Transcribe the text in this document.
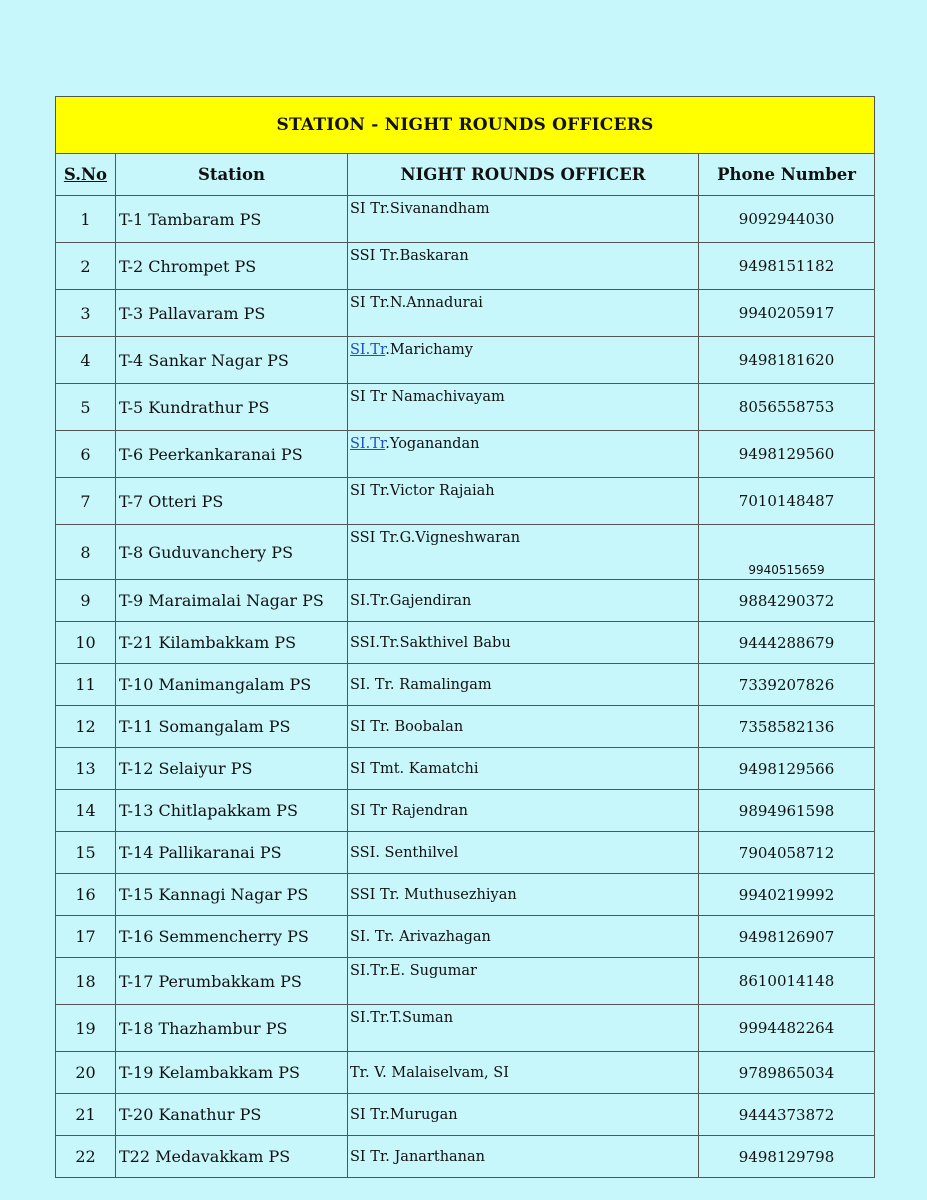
STATION - NIGHT ROUNDS OFFICERS			
S.No	Station	NIGHT ROUNDS OFFICER	Phone Number
1	T-1 Tambaram PS	SI Tr.Sivanandham	9092944030
2	T-2 Chrompet PS	SSI Tr.Baskaran	9498151182
3	T-3 Pallavaram PS	SI Tr.N.Annadurai	9940205917
4	T-4 Sankar Nagar PS	SI.Tr.Marichamy	9498181620
5	T-5 Kundrathur PS	SI Tr Namachivayam	8056558753
6	T-6 Peerkankaranai PS	SI.Tr.Yoganandan	9498129560
7	T-7 Otteri PS	SI Tr.Victor Rajaiah	7010148487
8	T-8 Guduvanchery PS	SSI Tr.G.Vigneshwaran	9940515659
9	T-9 Maraimalai Nagar PS	SI.Tr.Gajendiran	9884290372
10	T-21 Kilambakkam PS	SSI.Tr.Sakthivel Babu	9444288679
11	T-10 Manimangalam PS	SI. Tr. Ramalingam	7339207826
12	T-11 Somangalam PS	SI Tr. Boobalan	7358582136
13	T-12 Selaiyur PS	SI Tmt. Kamatchi	9498129566
14	T-13 Chitlapakkam PS	SI Tr Rajendran	9894961598
15	T-14 Pallikaranai PS	SSI. Senthilvel	7904058712
16	T-15 Kannagi Nagar PS	SSI Tr. Muthusezhiyan	9940219992
17	T-16 Semmencherry PS	SI. Tr. Arivazhagan	9498126907
18	T-17 Perumbakkam PS	SI.Tr.E. Sugumar	8610014148
19	T-18 Thazhambur PS	SI.Tr.T.Suman	9994482264
20	T-19 Kelambakkam PS	Tr. V. Malaiselvam, SI	9789865034
21	T-20 Kanathur PS	SI Tr.Murugan	9444373872
22	T22 Medavakkam PS	SI Tr. Janarthanan	9498129798
